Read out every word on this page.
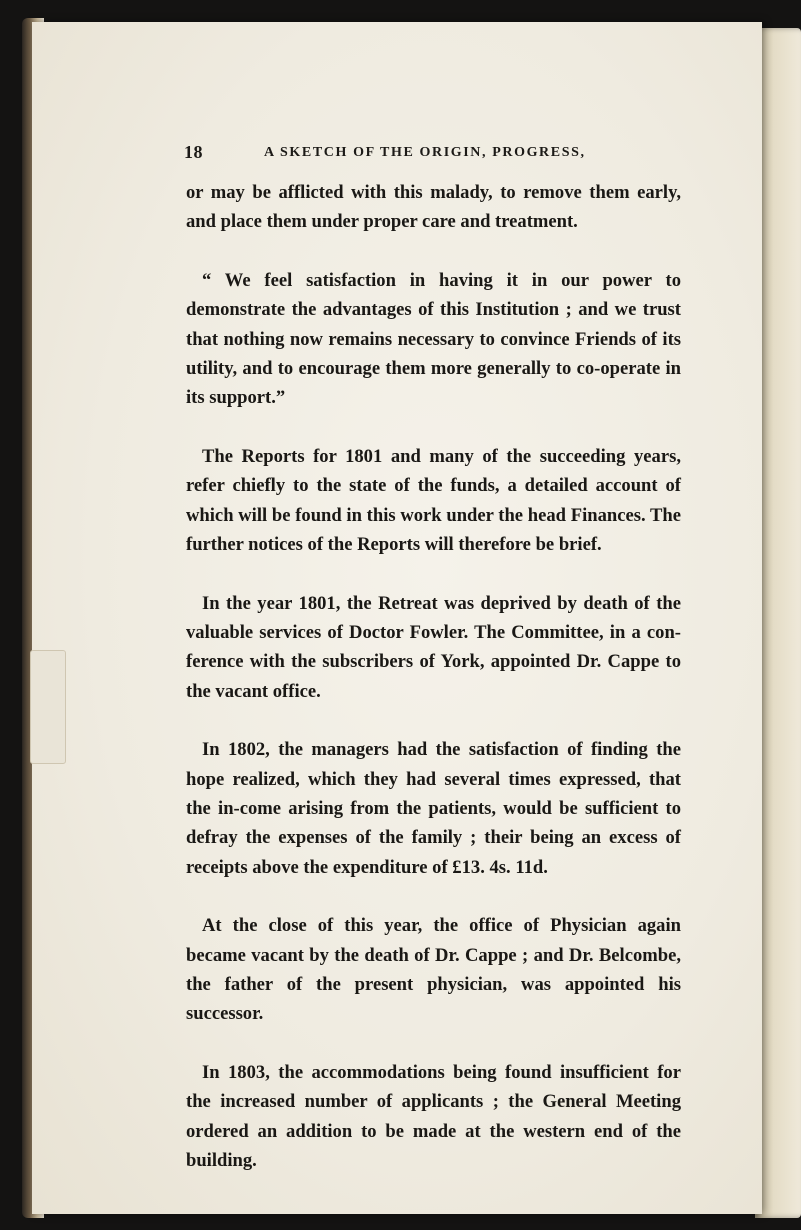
18	A SKETCH OF THE ORIGIN, PROGRESS,

or may be afflicted with this malady, to remove them early, and place them under proper care and treatment.

“ We feel satisfaction in having it in our power to demonstrate the advantages of this Institution ; and we trust that nothing now remains necessary to convince Friends of its utility, and to encourage them more generally to co-operate in its support.”

The Reports for 1801 and many of the succeeding years, refer chiefly to the state of the funds, a detailed account of which will be found in this work under the head Finances. The further notices of the Reports will therefore be brief.

In the year 1801, the Retreat was deprived by death of the valuable services of Doctor Fowler. The Committee, in a con-ference with the subscribers of York, appointed Dr. Cappe to the vacant office.

In 1802, the managers had the satisfaction of finding the hope realized, which they had several times expressed, that the in-come arising from the patients, would be sufficient to defray the expenses of the family ; their being an excess of receipts above the expenditure of £13. 4s. 11d.

At the close of this year, the office of Physician again became vacant by the death of Dr. Cappe ; and Dr. Belcombe, the father of the present physician, was appointed his successor.

In 1803, the accommodations being found insufficient for the increased number of applicants ; the General Meeting ordered an addition to be made at the western end of the building.
